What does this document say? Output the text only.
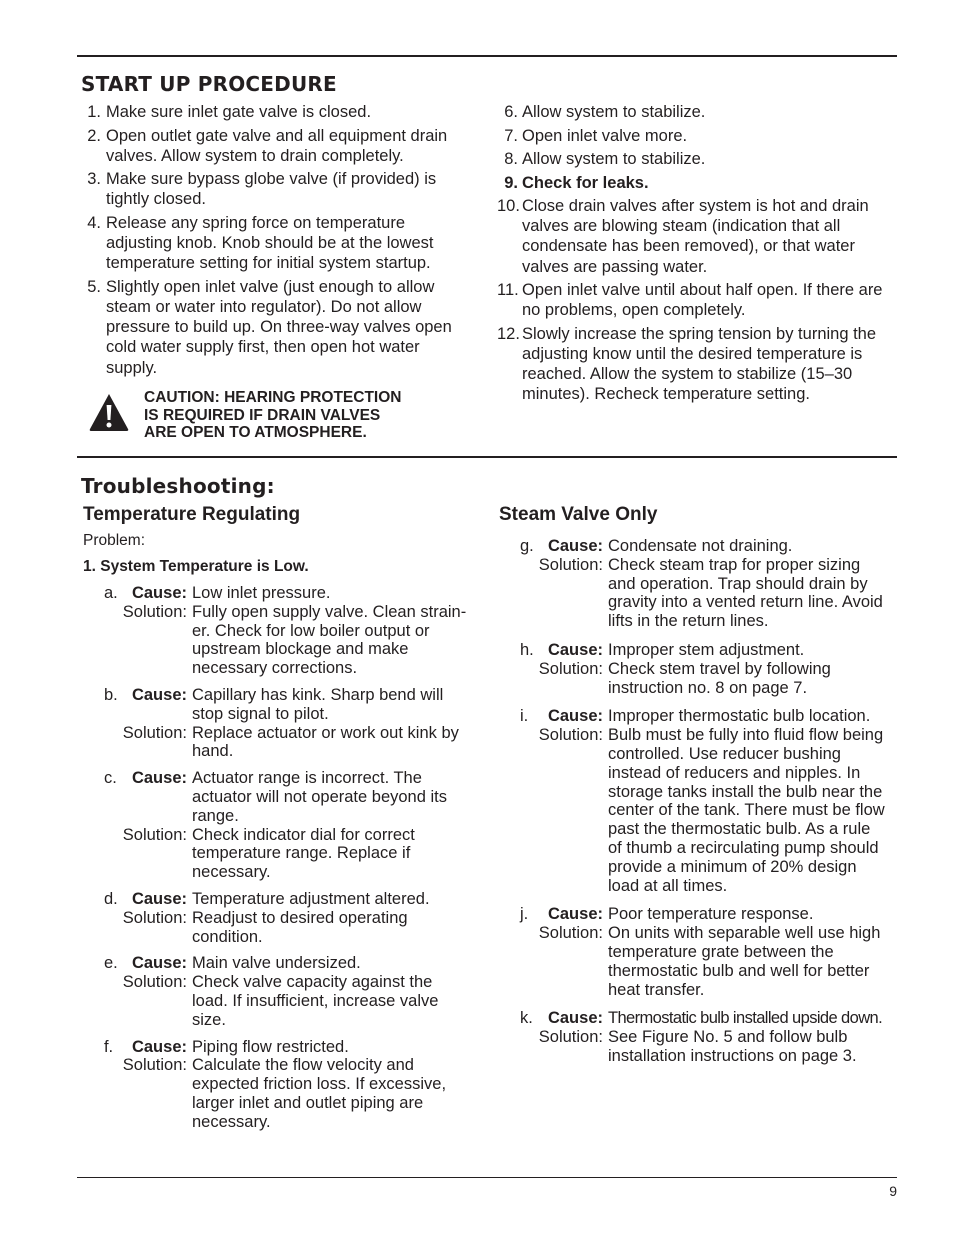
START UP PROCEDURE
1. Make sure inlet gate valve is closed.
2. Open outlet gate valve and all equipment drain valves. Allow system to drain completely.
3. Make sure bypass globe valve (if provided) is tightly closed.
4. Release any spring force on temperature adjusting knob. Knob should be at the lowest temperature setting for initial system startup.
5. Slightly open inlet valve (just enough to allow steam or water into regulator). Do not allow pressure to build up. On three-way valves open cold water supply first, then open hot water supply.
CAUTION: HEARING PROTECTION
IS REQUIRED IF DRAIN VALVES
ARE OPEN TO ATMOSPHERE.
6. Allow system to stabilize.
7. Open inlet valve more.
8. Allow system to stabilize.
9. Check for leaks.
10. Close drain valves after system is hot and drain valves are blowing steam (indication that all condensate has been removed), or that water valves are passing water.
11. Open inlet valve until about half open. If there are no problems, open completely.
12. Slowly increase the spring tension by turning the adjusting know until the desired temperature is reached. Allow the system to stabilize (15–30 minutes). Recheck temperature setting.
Troubleshooting:
Temperature Regulating	Steam Valve Only
Problem:
1. System Temperature is Low.
a. Cause: Low inlet pressure.
Solution: Fully open supply valve. Clean strain-
er. Check for low boiler output or
upstream blockage and make
necessary corrections.
b. Cause: Capillary has kink. Sharp bend will
stop signal to pilot.
Solution: Replace actuator or work out kink by
hand.
c. Cause: Actuator range is incorrect. The
actuator will not operate beyond its
range.
Solution: Check indicator dial for correct
temperature range. Replace if
necessary.
d. Cause: Temperature adjustment altered.
Solution: Readjust to desired operating
condition.
e. Cause: Main valve undersized.
Solution: Check valve capacity against the
load. If insufficient, increase valve
size.
f. Cause: Piping flow restricted.
Solution: Calculate the flow velocity and
expected friction loss. If excessive,
larger inlet and outlet piping are
necessary.
g. Cause: Condensate not draining.
Solution: Check steam trap for proper sizing
and operation. Trap should drain by
gravity into a vented return line. Avoid
lifts in the return lines.
h. Cause: Improper stem adjustment.
Solution: Check stem travel by following
instruction no. 8 on page 7.
i. Cause: Improper thermostatic bulb location.
Solution: Bulb must be fully into fluid flow being
controlled. Use reducer bushing
instead of reducers and nipples. In
storage tanks install the bulb near the
center of the tank. There must be flow
past the thermostatic bulb. As a rule
of thumb a recirculating pump should
provide a minimum of 20% design
load at all times.
j. Cause: Poor temperature response.
Solution: On units with separable well use high
temperature grate between the
thermostatic bulb and well for better
heat transfer.
k. Cause: Thermostatic bulb installed upside down.
Solution: See Figure No. 5 and follow bulb
installation instructions on page 3.
9
